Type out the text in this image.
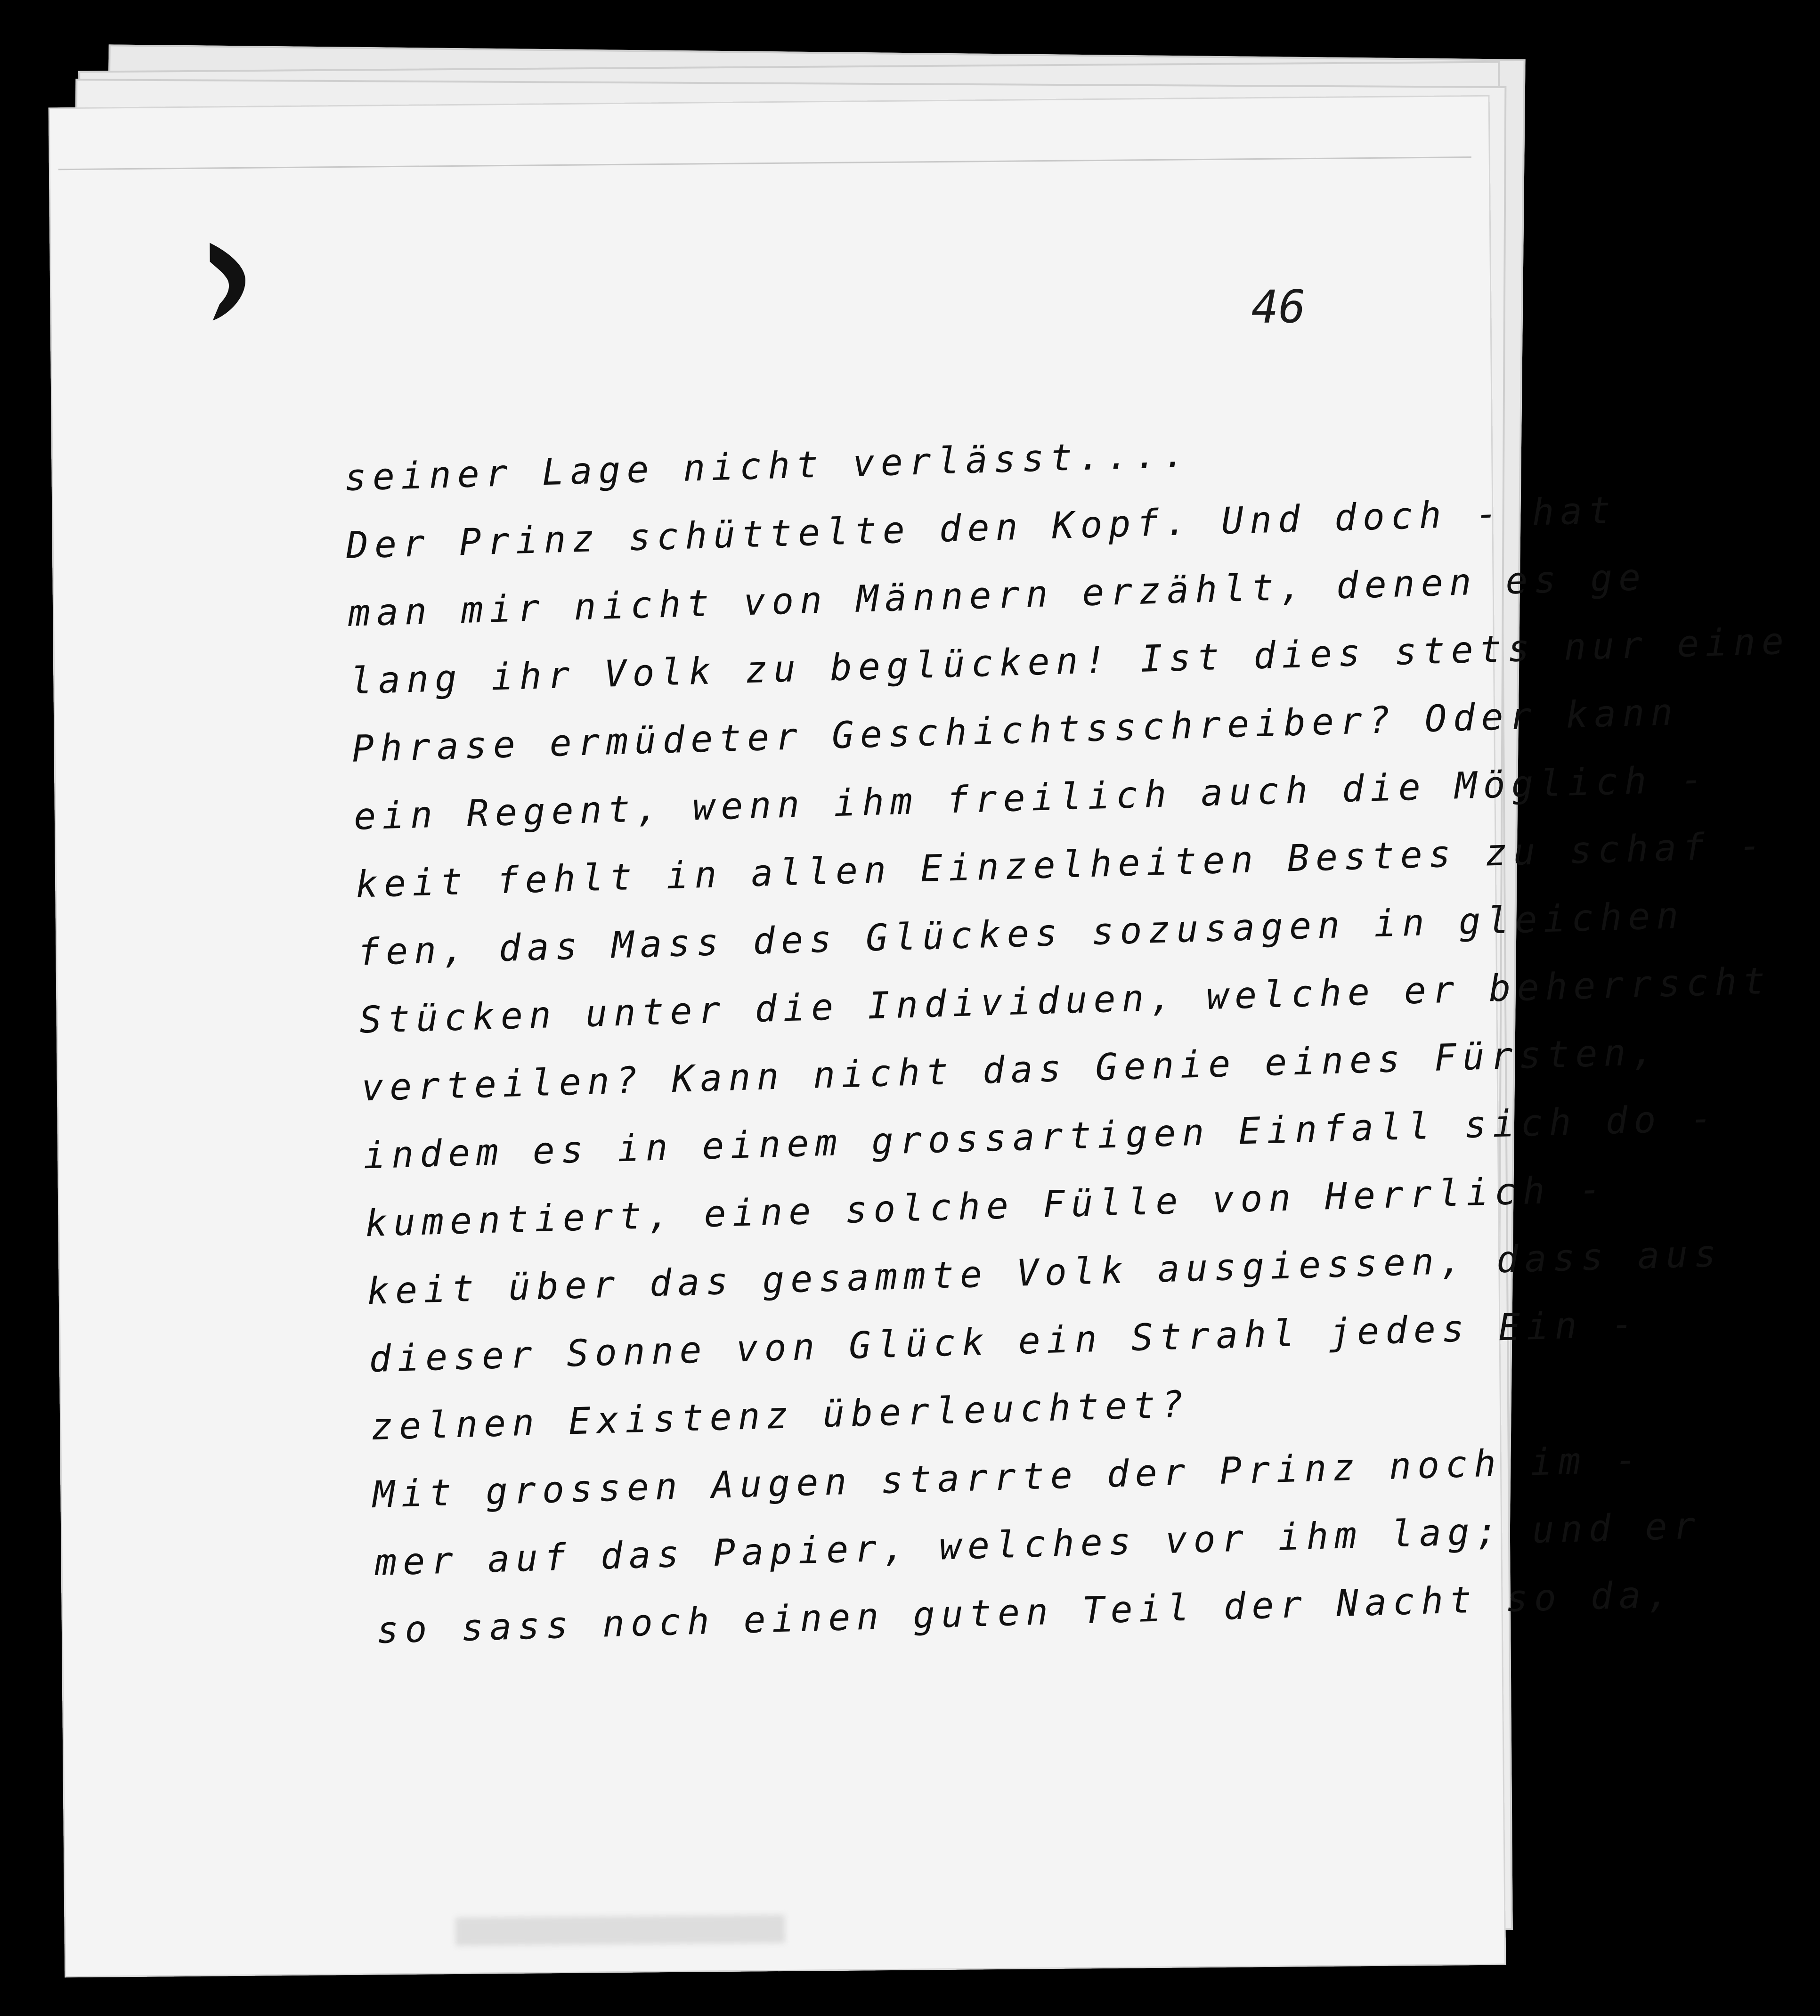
46
seiner Lage nicht verlässt....
Der Prinz schüttelte den Kopf. Und doch - hat
man mir nicht von Männern erzählt, denen es ge
lang ihr Volk zu beglücken! Ist dies stets nur eine
Phrase ermüdeter Geschichtsschreiber? Oder kann
ein Regent, wenn ihm freilich auch die Möglich -
keit fehlt in allen Einzelheiten Bestes zu schaf -
fen, das Mass des Glückes sozusagen in gleichen
Stücken unter die Individuen, welche er beherrscht
verteilen? Kann nicht das Genie eines Fürsten,
indem es in einem grossartigen Einfall sich do -
kumentiert, eine solche Fülle von Herrlich -
keit über das gesammte Volk ausgiessen, dass aus
dieser Sonne von Glück ein Strahl jedes Ein -
zelnen Existenz überleuchtet?
Mit grossen Augen starrte der Prinz noch im -
mer auf das Papier, welches vor ihm lag; und er
so sass noch einen guten Teil der Nacht so da,
